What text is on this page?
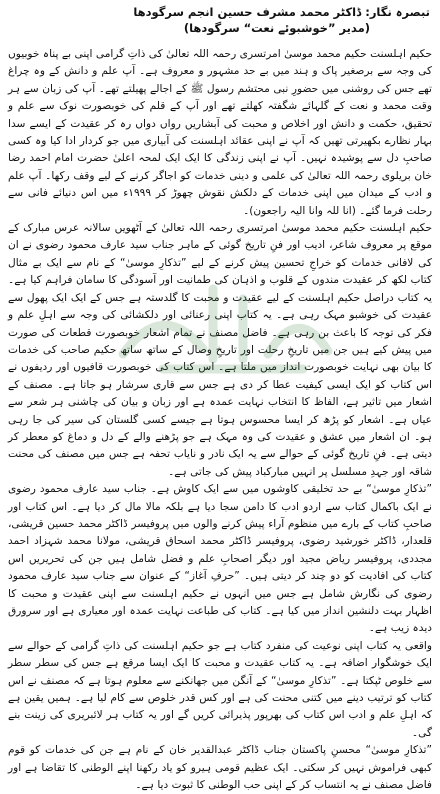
تبصرہ نگار: ڈاکٹر محمد مشرف حسین انجم سرگودھا
(مدیر ”خوشبوئے نعت“ سرگودھا)

حکیم اہلسنت حکیم محمد موسیٰ امرتسری رحمہ اللہ تعالیٰ کی ذاتِ گرامی اپنی بے پناہ خوبیوں کی وجہ سے برصغیر پاک و ہند میں بے حد مشہور و معروف ہے۔ آپ علم و دانش کے وہ چراغ تھے جس کی روشنی میں حضورِ نبی محتشم رسول ﷺ کے اجالے پھیلتے تھے۔ آپ کی زبان سے ہر وقت محمد و نعت کے گلہائے شگفتہ کھلتے تھے اور آپ کے قلم کی خوبصورت نوک سے علم و تحقیق، حکمت و دانش اور اخلاص و محبت کی آبشاریں رواں دواں رہ کر عقیدت کے ایسے سدا بہار نظارے بکھیرتی تھیں کہ آپ نے اپنی عقائد اہلسنت کی آبیاری میں جو کردار ادا کیا وہ کسی صاحبِ دل سے پوشیدہ نہیں۔ آپ نے اپنی زندگی کا ایک ایک لمحہ اعلیٰ حضرت امام احمد رضا خان بریلوی رحمہ اللہ تعالیٰ کی علمی و دینی خدمات کو اجاگر کرنے کے لیے وقف رکھا۔ آپ علم و ادب کے میدان میں اپنی خدمات کے دلکش نقوش چھوڑ کر ۱۹۹۹ء میں اس دنیائے فانی سے رحلت فرما گئے۔ (انا للہ وانا الیہ راجعون)۔

حکیم اہلسنت حکیم محمد موسیٰ امرتسری رحمہ اللہ تعالیٰ کے آٹھویں سالانہ عرس مبارک کے موقع پر معروف شاعر، ادیب اور فنِ تاریخ گوئی کے ماہر جناب سید عارف محمود رضوی نے ان کی لافانی خدمات کو خراجِ تحسین پیش کرنے کے لیے ”تذکارِ موسیٰ“ کے نام سے ایک بے مثال کتاب لکھ کر عقیدت مندوں کے قلوب و اذہان کی طمانیت اور آسودگی کا سامان فراہم کیا ہے۔ یہ کتاب دراصل حکیم اہلسنت کے لیے عقیدت و محبت کا گلدستہ ہے جس کے ایک ایک پھول سے عقیدت کی خوشبو مہک رہی ہے۔ یہ کتاب اپنی رعنائی اور دلکشائی کی وجہ سے اہلِ علم و فکر کی توجہ کا باعث بن رہی ہے۔ فاضل مصنف نے تمام اشعار خوبصورت قطعات کی صورت میں پیش کیے ہیں جن میں تاریخِ رحلت اور تاریخِ وصال کے ساتھ ساتھ حکیم صاحب کی خدمات کا بیان بھی نہایت خوبصورت انداز میں ملتا ہے۔ اس کتاب کی خوبصورت قافیوں اور ردیفوں نے اس کتاب کو ایک ایسی کیفیت عطا کر دی ہے جس سے قاری سرشار ہو جاتا ہے۔ مصنف کے اشعار میں تاثیر ہے، الفاظ کا انتخاب نہایت عمدہ ہے اور زبان و بیان کی چاشنی ہر شعر سے عیاں ہے۔ اشعار کو پڑھ کر ایسا محسوس ہوتا ہے جیسے کسی گلستان کی سیر کی جا رہی ہو۔ ان اشعار میں عشق و عقیدت کی وہ مہک ہے جو پڑھنے والے کے دل و دماغ کو معطر کر دیتی ہے۔ فنِ تاریخ گوئی کے حوالے سے یہ ایک نادر و نایاب تحفہ ہے جس میں مصنف کی محنت شاقہ اور جہدِ مسلسل پر انہیں مبارکباد پیش کی جاتی ہے۔

”تذکارِ موسیٰ“ بے حد تخلیقی کاوشوں میں سے ایک کاوش ہے۔ جناب سید عارف محمود رضوی نے ایک باکمال کتاب سے اردو ادب کا دامن سجا دیا ہے بلکہ مالا مال کر دیا ہے۔ اس کتاب اور صاحبِ کتاب کے بارے میں منظوم آراء پیش کرنے والوں میں پروفیسر ڈاکٹر محمد حسین قریشی، قلعدار، ڈاکٹر خورشید رضوی، پروفیسر ڈاکٹر محمد اسحاق قریشی، مولانا محمد شہزاد احمد مجددی، پروفیسر ریاض مجید اور دیگر اصحابِ علم و فضل شامل ہیں جن کی تحریریں اس کتاب کی افادیت کو دو چند کر دیتی ہیں۔ ”حرفِ آغاز“ کے عنوان سے جناب سید عارف محمود رضوی کی نگارش شامل ہے جس میں انہوں نے حکیم اہلسنت سے اپنی عقیدت و محبت کا اظہار بہت دلنشین انداز میں کیا ہے۔ کتاب کی طباعت نہایت عمدہ اور معیاری ہے اور سرورق دیدہ زیب ہے۔

واقعی یہ کتاب اپنی نوعیت کی منفرد کتاب ہے جو حکیم اہلسنت کی ذاتِ گرامی کے حوالے سے ایک خوشگوار اضافہ ہے۔ یہ کتاب عقیدت و محبت کا ایک ایسا مرقع ہے جس کی سطر سطر سے خلوص ٹپکتا ہے۔ ”تذکارِ موسیٰ“ کے آنگن میں جھانکنے سے معلوم ہوتا ہے کہ مصنف نے اس کتاب کو ترتیب دینے میں کتنی محنت کی ہے اور کس قدر خلوص سے کام لیا ہے۔ ہمیں یقین ہے کہ اہلِ علم و ادب اس کتاب کی بھرپور پذیرائی کریں گے اور یہ کتاب ہر لائبریری کی زینت بنے گی۔

”تذکارِ موسیٰ“ محسنِ پاکستان جناب ڈاکٹر عبدالقدیر خان کے نام ہے جن کی خدمات کو قوم کبھی فراموش نہیں کر سکتی۔ ایک عظیم قومی ہیرو کو یاد رکھنا اپنے الوطنی کا تقاضا ہے اور فاضل مصنف نے یہ انتساب کر کے اپنی حب الوطنی کا ثبوت دیا ہے۔
